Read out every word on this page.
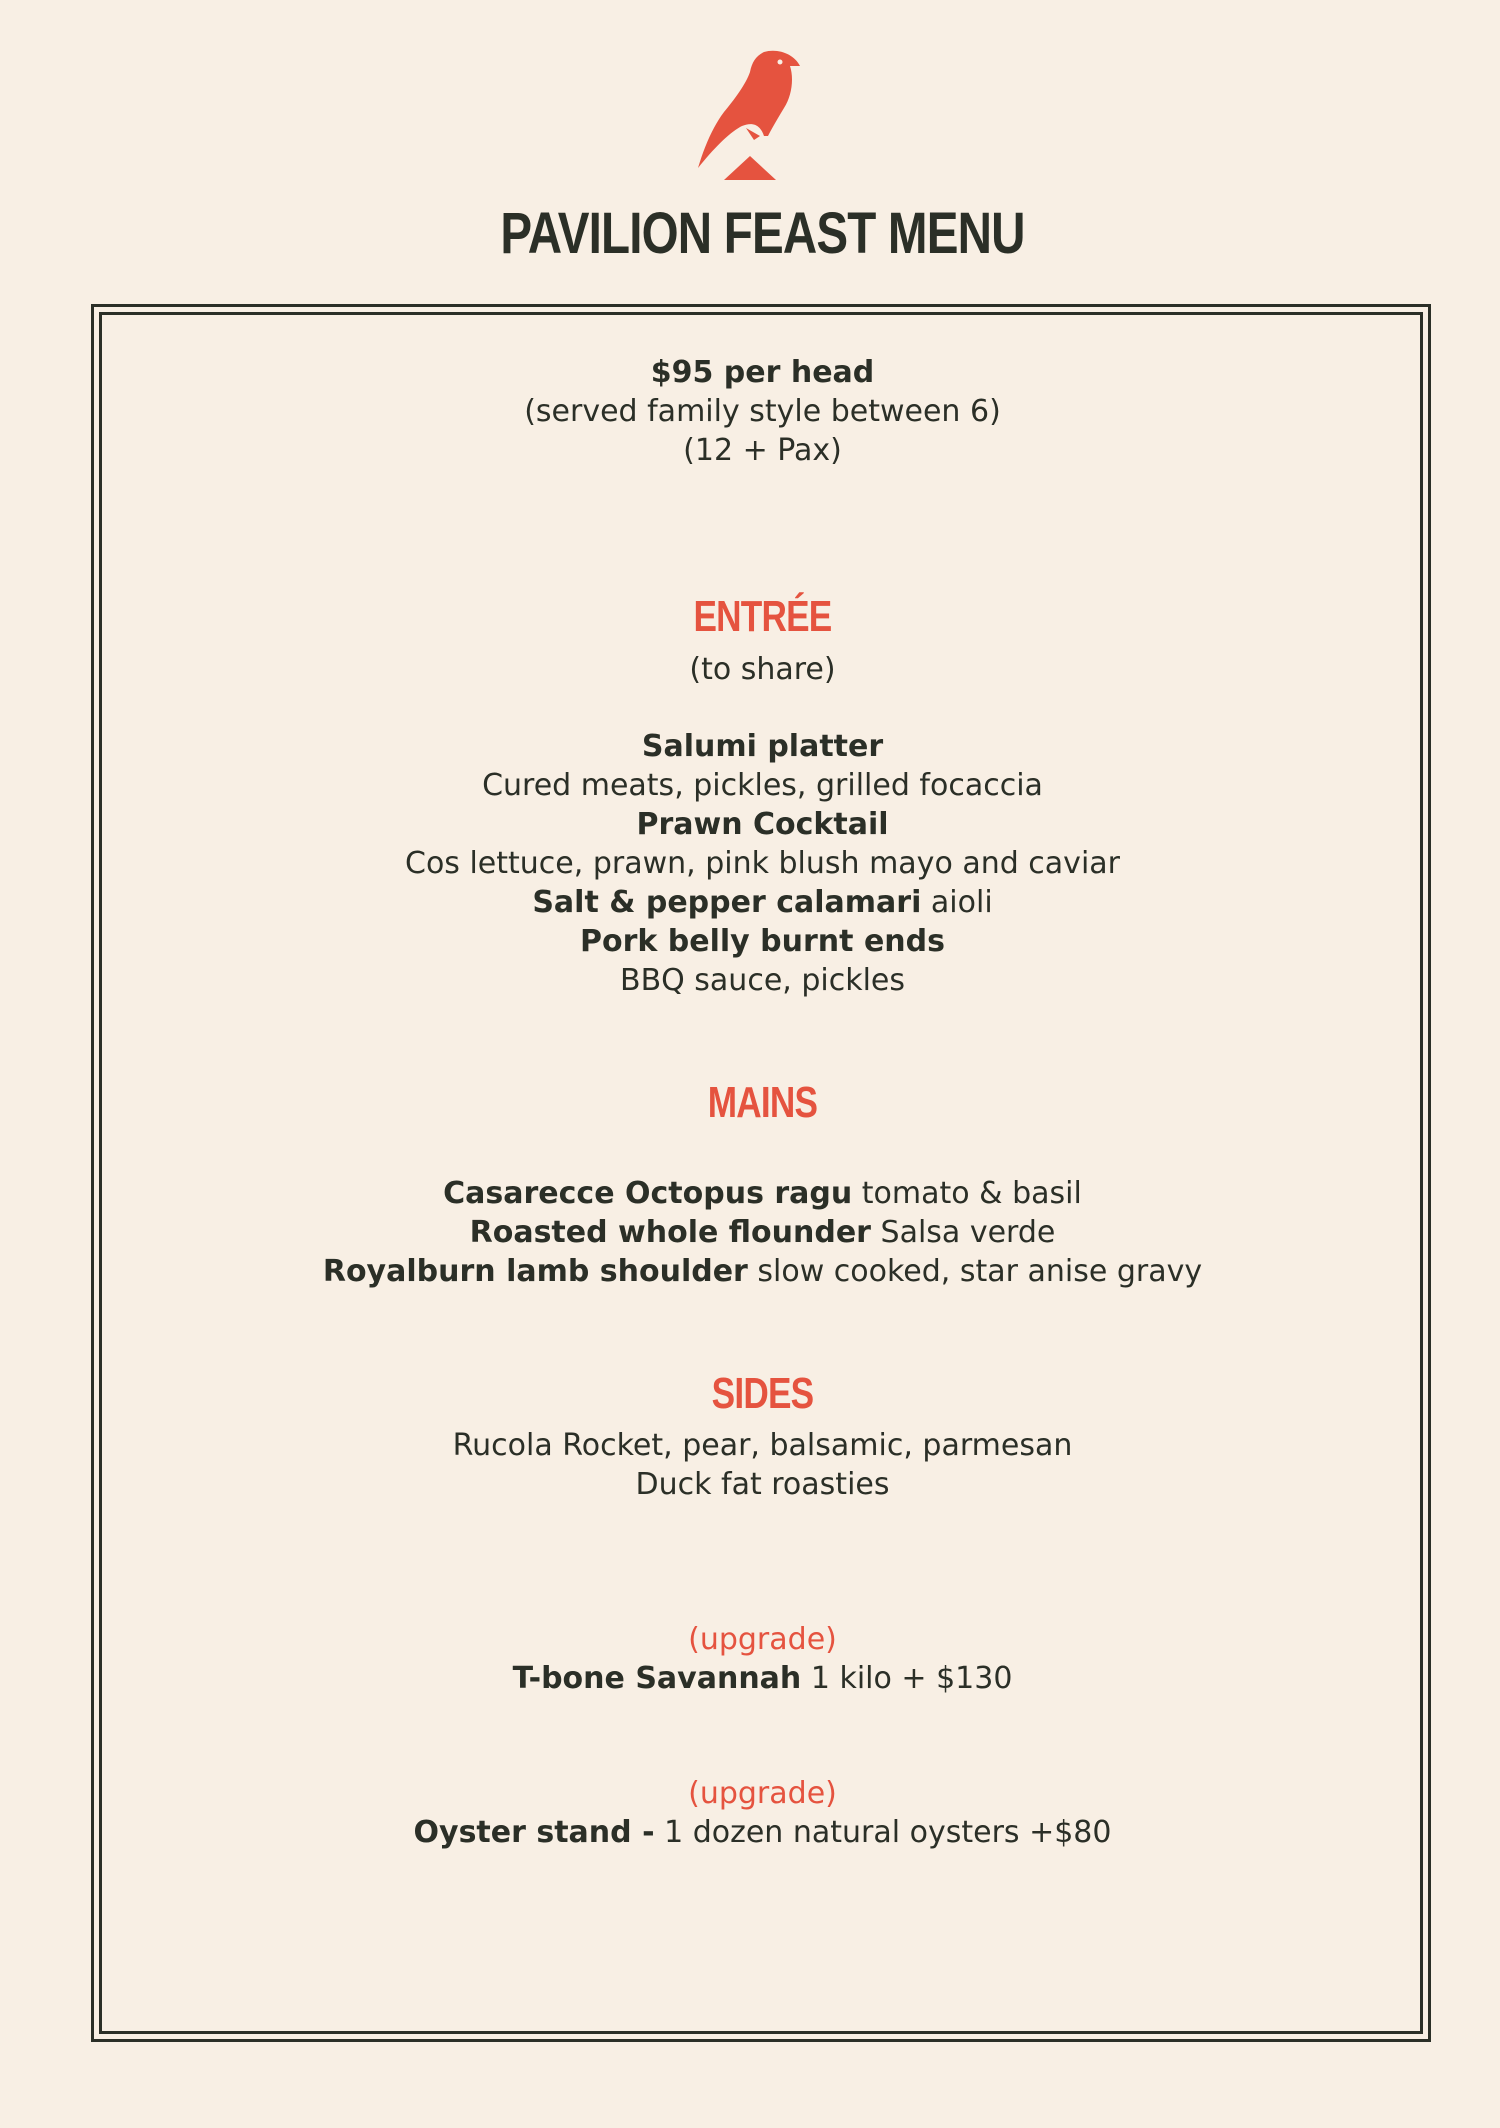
PAVILION FEAST MENU
$95 per head
(served family style between 6)
(12 + Pax)
ENTRÉE
(to share)
Salumi platter
Cured meats, pickles, grilled focaccia
Prawn Cocktail
Cos lettuce, prawn, pink blush mayo and caviar
Salt & pepper calamari aioli
Pork belly burnt ends
BBQ sauce, pickles
MAINS
Casarecce Octopus ragu tomato & basil
Roasted whole flounder Salsa verde
Royalburn lamb shoulder slow cooked, star anise gravy
SIDES
Rucola Rocket, pear, balsamic, parmesan
Duck fat roasties
(upgrade)
T-bone Savannah 1 kilo + $130
(upgrade)
Oyster stand - 1 dozen natural oysters +$80
